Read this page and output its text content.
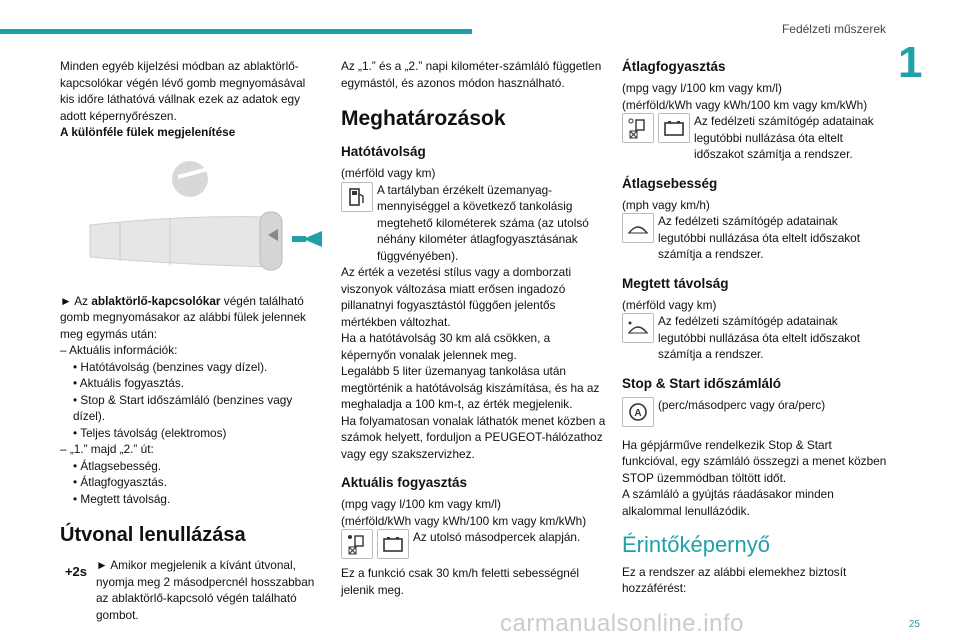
Fedélzeti műszerek
1

Minden egyéb kijelzési módban az ablaktörlő-kapcsolókar végén lévő gomb megnyomásával kis időre láthatóvá vállnak ezek az adatok egy adott képernyőrészen.

A különféle fülek megjelenítése

► Az ablaktörlő-kapcsolókar végén található gomb megnyomásakor az alábbi fülek jelennek meg egymás után:

– Aktuális információk:

• Hatótávolság (benzines vagy dízel).
• Aktuális fogyasztás.
• Stop & Start időszámláló (benzines vagy dízel).
• Teljes távolság (elektromos)

– „1.” majd „2.” út:

• Átlagsebesség.
• Átlagfogyasztás.
• Megtett távolság.
Útvonal lenullázása
+2s ► Amikor megjelenik a kívánt útvonal, nyomja meg 2 másodpercnél hosszabban az ablaktörlő-kapcsoló végén található gombot.

Az „1.” és a „2.” napi kilométer-számláló független egymástól, és azonos módon használható.

Meghatározások
Hatótávolság

(mérföld vagy km)

A tartályban érzékelt üzemanyag-mennyiséggel a következő tankolásig megtehető kilométerek száma (az utolsó néhány kilométer átlagfogyasztásának függvényében).

Az érték a vezetési stílus vagy a domborzati viszonyok változása miatt erősen ingadozó pillanatnyi fogyasztástól függően jelentős mértékben változhat.

Ha a hatótávolság 30 km alá csökken, a képernyőn vonalak jelennek meg.

Legalább 5 liter üzemanyag tankolása után megtörténik a hatótávolság kiszámítása, és ha az meghaladja a 100 km-t, az érték megjelenik.

Ha folyamatosan vonalak láthatók menet közben a számok helyett, forduljon a PEUGEOT-hálózathoz vagy egy szakszervizhez.

Aktuális fogyasztás

(mpg vagy l/100 km vagy km/l)

(mérföld/kWh vagy kWh/100 km vagy km/kWh)

Az utolsó másodpercek alapján.

Ez a funkció csak 30 km/h feletti sebességnél jelenik meg.

Átlagfogyasztás

(mpg vagy l/100 km vagy km/l)

(mérföld/kWh vagy kWh/100 km vagy km/kWh)

Az fedélzeti számítógép adatainak legutóbbi nullázása óta eltelt időszakot számítja a rendszer.

Átlagsebesség

(mph vagy km/h)

Az fedélzeti számítógép adatainak legutóbbi nullázása óta eltelt időszakot számítja a rendszer.

Megtett távolság

(mérföld vagy km)

Az fedélzeti számítógép adatainak legutóbbi nullázása óta eltelt időszakot számítja a rendszer.

Stop & Start időszámláló
A

(perc/másodperc vagy óra/perc)

Ha gépjárműve rendelkezik Stop & Start funkcióval, egy számláló összegzi a menet közben STOP üzemmódban töltött időt.

A számláló a gyújtás ráadásakor minden alkalommal lenullázódik.

Érintőképernyő

Ez a rendszer az alábbi elemekhez biztosít hozzáférést:

25
carmanualsonline.info
